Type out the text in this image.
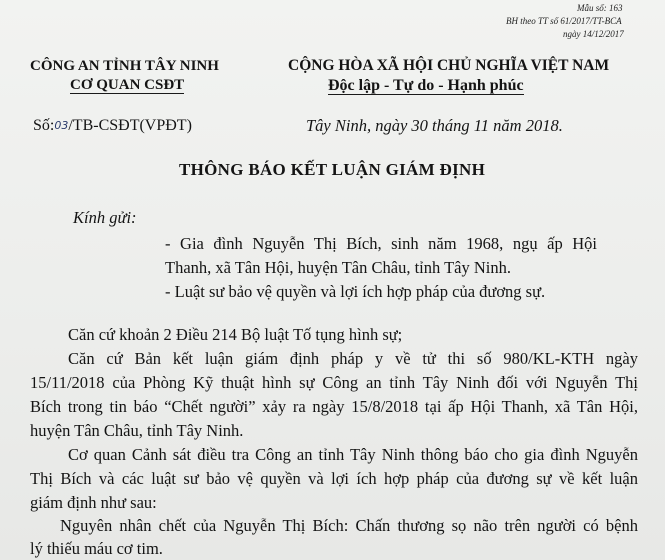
Mẫu số: 163
BH theo TT số 61/2017/TT-BCA
ngày 14/12/2017
CÔNG AN TỈNH TÂY NINH
CƠ QUAN CSĐT
Số:03/TB-CSĐT(VPĐT)
CỘNG HÒA XÃ HỘI CHỦ NGHĨA VIỆT NAM
Độc lập - Tự do - Hạnh phúc
Tây Ninh, ngày 30 tháng 11 năm 2018.
THÔNG BÁO KẾT LUẬN GIÁM ĐỊNH
Kính gửi:
- Gia đình Nguyễn Thị Bích, sinh năm 1968, ngụ ấp Hội
Thanh, xã Tân Hội, huyện Tân Châu, tỉnh Tây Ninh.
- Luật sư bảo vệ quyền và lợi ích hợp pháp của đương sự.
Căn cứ khoản 2 Điều 214 Bộ luật Tố tụng hình sự;
Căn cứ Bản kết luận giám định pháp y về tử thi số 980/KL-KTH ngày
15/11/2018 của Phòng Kỹ thuật hình sự Công an tỉnh Tây Ninh đối với Nguyễn Thị
Bích trong tin báo “Chết người” xảy ra ngày 15/8/2018 tại ấp Hội Thanh, xã Tân Hội,
huyện Tân Châu, tỉnh Tây Ninh.
Cơ quan Cảnh sát điều tra Công an tỉnh Tây Ninh thông báo cho gia đình Nguyễn
Thị Bích và các luật sư bảo vệ quyền và lợi ích hợp pháp của đương sự về kết luận
giám định như sau:
Nguyên nhân chết của Nguyễn Thị Bích: Chấn thương sọ não trên người có bệnh
lý thiếu máu cơ tim.
